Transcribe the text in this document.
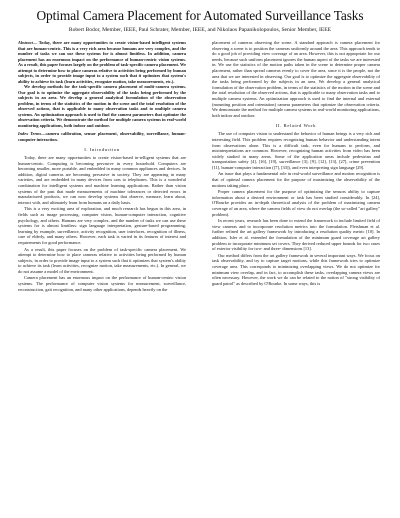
Optimal Camera Placement for Automated Surveillance Tasks
Robert Bodor, Member, IEEE, Paul Schrater, Member, IEEE, and Nikolaos Papanikolopoulos, Senior Member, IEEE
Abstract— Today, there are many opportunities to create vision-based intelligent systems that are human-centric. This is a very rich area because humans are very complex, and the number of tasks we can use these systems for is almost limitless. In addition, camera placement has an enormous impact on the performance of human-centric vision systems. As a result, this paper focuses largely on the problem of task-specific camera placement. We attempt to determine how to place cameras relative to activities being performed by human subjects, in order to provide image input to a system such that it optimizes that system's ability to achieve its task (learn activities, recognize motion, take measurements, etc.).
We develop methods for the task-specific camera placement of multi-camera systems. Our goal is to optimize the aggregate observability of the tasks being performed by the subjects in an area. We develop a general analytical formulation of the observation problem, in terms of the statistics of the motion in the scene and the total resolution of the observed actions, that is applicable to many observation tasks and to multiple camera systems. An optimization approach is used to find the camera parameters that optimize the observation criteria. We demonstrate the method for multiple camera systems in real-world monitoring applications, both indoor and outdoor.
Index Terms—camera calibration, sensor placement, observability, surveillance, human-computer interaction.
I. Introduction

Today, there are many opportunities to create vision-based in-telligent systems that are human-centric. Computing is becoming pervasive in every household. Computers are becoming smaller, more portable, and embedded in many common appliances and devices. In addition, digital cameras are becoming pervasive in society. They are appearing in many varieties, and are embedded in many devices from cars to telephones. This is a wonderful combination for intelligent systems and machine learning applications. Rather than vision systems of the past that made measurements of machine tolerances or detected errors in manufactured products, we can now develop systems that observe, measure, learn about, interact with, and ultimately learn from humans on a daily basis.

This is a very exciting area of exploration, and much research has begun in this area, in fields such as image processing, computer vision, human-computer interaction, cognitive psychology, and others. Humans are very complex, and the number of tasks we can use these systems for is almost limitless: sign language interpretation, gesture-based programming, learning by example, surveillance, activity recognition, user interfaces, recognition of illness, care of elderly, and many others. However, each task is varied in its features of interest and requirements for good performance.

As a result, this paper focuses on the problem of task-specific camera placement. We attempt to determine how to place cameras relative to activities being performed by human subjects, in order to provide image input to a system such that it optimizes that system's ability to achieve its task (learn activities, recognize motion, take measurements, etc.). In general, we do not assume a model of the environment.

Camera placement has an enormous impact on the performance of human-centric vision systems. The performance of computer vision systems for measurement, surveillance, reconstruction, gait recognition, and many other applications, depends heavily on the

placement of cameras observing the scene. A standard approach is camera placement for observing a scene is to position the cameras uniformly around the area. This approach tends to do a good job of providing view coverage of an area. However, this is not appropriate for our needs, because such uniform placement ignores the human aspect of the tasks we are interested in. We use the statistics of the motion paths taken in the scene to determine proper camera placement, rather than spread cameras evenly to cover the area, since it is the people, not the area that we are interested in observing. Our goal is to optimize the aggregate observability of the tasks being performed by the subjects in an area. We develop a general analytical formulation of the observation problem, in terms of the statistics of the motion in the scene and the total resolution of the observed actions, that is applicable to many observation tasks and to multiple camera systems. An optimization approach is used to find the internal and external (mounting position and orientation) camera parameters that optimize the observation criteria. We demonstrate the method for multiple camera systems in real-world monitoring applications, both indoor and outdoor.

II. Related Work

The use of computer vision to understand the behavior of human beings is a very rich and interesting field. This problem requires recognizing human behavior and understanding intent from observations alone. This is a difficult task, even for humans to perform, and misinterpretations are common. However, recognizing human activities from video has been widely studied in many areas. Some of the application areas include pedestrian and transportation safety [4], [16], [19], surveillance [3], [9], [12], [13], [27], crime prevention [11], human-computer interaction ([7], [33]), and even interpreting sign language [29].

An issue that plays a fundamental role in real-world surveillance and motion recognition is that of optimal camera placement for the purpose of maximizing the observability of the motions taking place.

Proper camera placement for the purpose of optimizing the sensors ability to capture information about a desired environment or task has been studied considerably. In [24], O'Rourke provides an in-depth theoretical analysis of the problem of maximizing camera coverage of an area, where the camera fields of view do not overlap (the so-called "art gallery" problem).

In recent years, research has been done to extend the framework to include limited field of view cameras and to incorporate resolution metrics into the formulation. Fleishman et al. further refined the art gallery framework by introducing a resolution quality metric [10]. In addition, Isler et al. extended the formulation of the minimum guard coverage art gallery problem to incorporate minimum set covers. They derived reduced upper bounds for two cases of exterior visibility for two- and three- dimensions [13].

Our method differs from the art gallery framework in several important ways. We focus on task observability, and try to capture target motions, while this framework tries to optimize coverage area. This corresponds to minimizing overlapping views. We do not optimize for minimum view overlap, and in fact, to accomplish these tasks, overlapping camera views are often necessary. However, the work we do can be related to the notion of "strong visibility of guard patrol" as described by O'Rourke. In some ways, this is
